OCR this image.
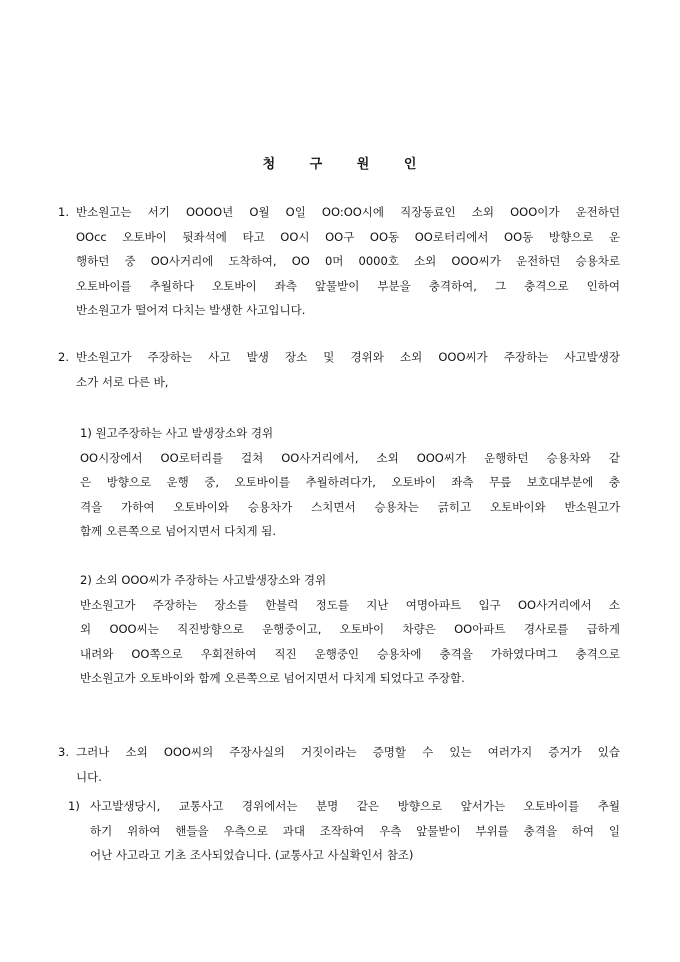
청 구 원 인
1. 반소원고는 서기 OOOO년 O월 O일 OO:OO시에 직장동료인 소외 OOO이가 운전하던
OOcc 오토바이 뒷좌석에 타고 OO시 OO구 OO동 OO로터리에서 OO동 방향으로 운
행하던 중 OO사거리에 도착하여, OO 0머 0000호 소외 OOO씨가 운전하던 승용차로
오토바이를 추월하다 오토바이 좌측 앞물받이 부분을 충격하여, 그 충격으로 인하여
반소원고가 떨어져 다치는 발생한 사고입니다.
2. 반소원고가 주장하는 사고 발생 장소 및 경위와 소외 OOO씨가 주장하는 사고발생장
소가 서로 다른 바,
1) 원고주장하는 사고 발생장소와 경위
OO시장에서 OO로터리를 걸쳐 OO사거리에서, 소외 OOO씨가 운행하던 승용차와 같
은 방향으로 운행 중, 오토바이를 추월하려다가, 오토바이 좌측 무릎 보호대부분에 충
격을 가하여 오토바이와 승용차가 스치면서 승용차는 긁히고 오토바이와 반소원고가
함께 오른쪽으로 넘어지면서 다치게 됨.
2) 소외 OOO씨가 주장하는 사고발생장소와 경위
반소원고가 주장하는 장소를 한블럭 정도를 지난 여명아파트 입구 OO사거리에서 소
외 OOO씨는 직진방향으로 운행중이고, 오토바이 차량은 OO아파트 경사로를 급하게
내려와 OO쪽으로 우회전하여 직진 운행중인 승용차에 충격을 가하였다며그 충격으로
반소원고가 오토바이와 함께 오른쪽으로 넘어지면서 다치게 되었다고 주장함.
3. 그러나 소외 OOO씨의 주장사실의 거짓이라는 증명할 수 있는 여러가지 증거가 있습
니다.
1) 사고발생당시, 교통사고 경위에서는 분명 같은 방향으로 앞서가는 오토바이를 추월
하기 위하여 핸들을 우측으로 과대 조작하여 우측 앞물받이 부위를 충격을 하여 일
어난 사고라고 기초 조사되었습니다. (교통사고 사실확인서 참조)
